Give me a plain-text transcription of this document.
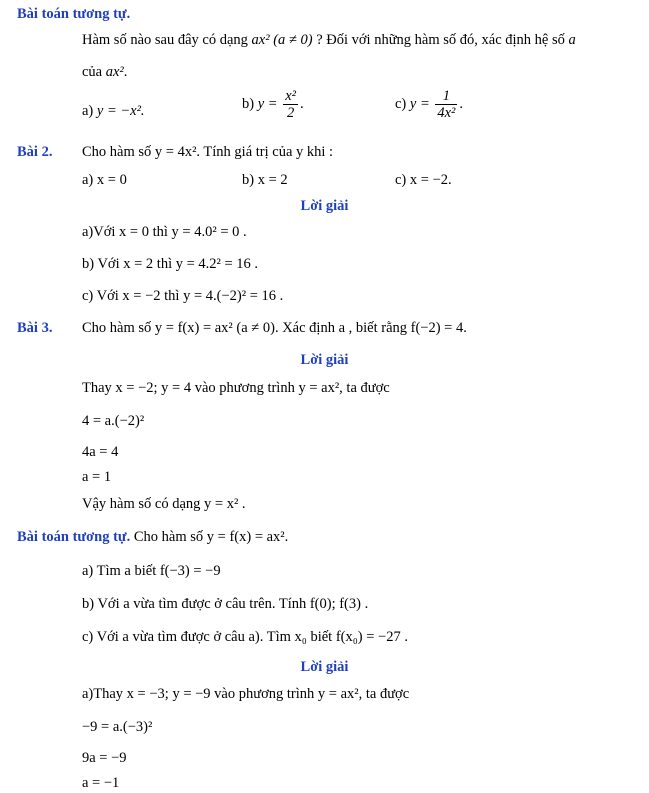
Bài toán tương tự.
Hàm số nào sau đây có dạng ax² (a ≠ 0) ? Đối với những hàm số đó, xác định hệ số a
của ax².
a) y = −x².	b) $y = \frac{\text{x²}}{2}$ .	c) $y = \frac{1}{\text{4x²}}$ .
Bài 2. Cho hàm số y = 4x². Tính giá trị của y khi :
a) x = 0	b) x = 2	c) x = −2.
Lời giải
a)Với x = 0 thì y = 4.0² = 0 .
b) Với x = 2 thì y = 4.2² = 16 .
c) Với x = −2 thì y = 4.(−2)² = 16 .
Bài 3. Cho hàm số y = f(x) = ax² (a ≠ 0). Xác định a , biết rằng f(−2) = 4.
Lời giải
Thay x = −2; y = 4 vào phương trình y = ax², ta được
4 = a.(−2)²
4a = 4
a = 1
Vậy hàm số có dạng y = x² .
Bài toán tương tự. Cho hàm số y = f(x) = ax².
a) Tìm a biết f(−3) = −9
b) Với a vừa tìm được ở câu trên. Tính f(0); f(3) .
c) Với a vừa tìm được ở câu a). Tìm x₀ biết f(x₀) = −27 .
Lời giải
a)Thay x = −3; y = −9 vào phương trình y = ax², ta được
−9 = a.(−3)²
9a = −9
a = −1
